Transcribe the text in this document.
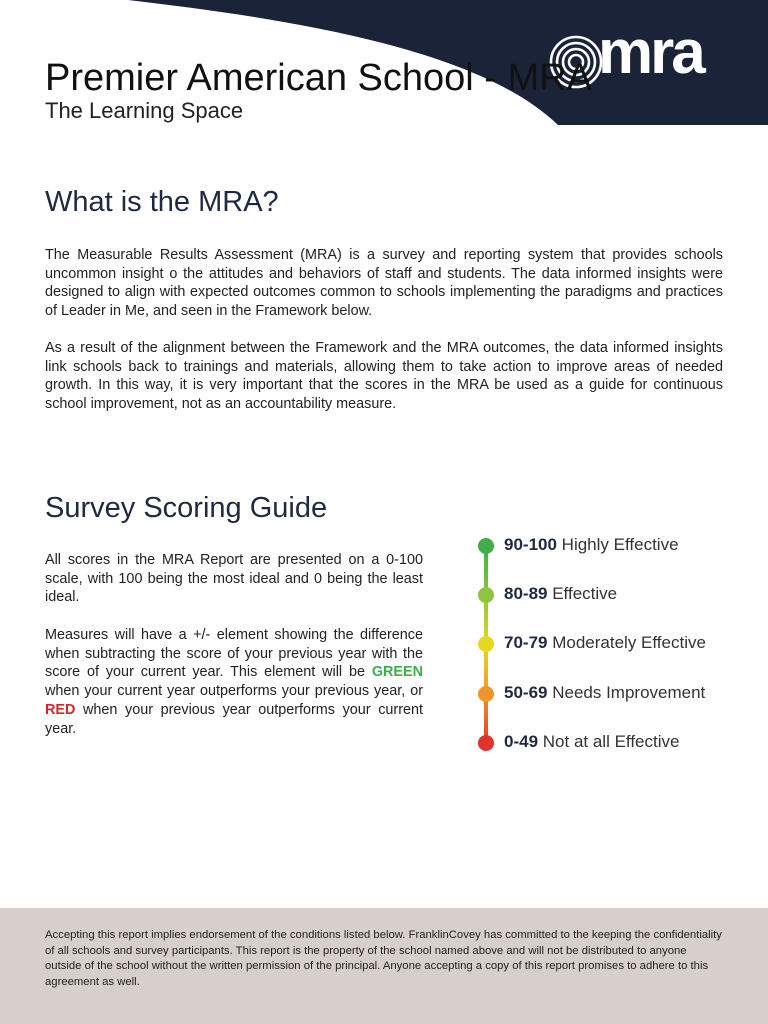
mra
Premier American School - MRA
The Learning Space
What is the MRA?

The Measurable Results Assessment (MRA) is a survey and reporting system that provides schools uncommon insight o the attitudes and behaviors of staff and students. The data informed insights were designed to align with expected outcomes common to schools implementing the paradigms and practices of Leader in Me, and seen in the Framework below.

As a result of the alignment between the Framework and the MRA outcomes, the data informed insights link schools back to trainings and materials, allowing them to take action to improve areas of needed growth. In this way, it is very important that the scores in the MRA be used as a guide for continuous school improvement, not as an accountability measure.

Survey Scoring Guide

All scores in the MRA Report are presented on a 0-100 scale, with 100 being the most ideal and 0 being the least ideal.

Measures will have a +/- element showing the difference when subtracting the score of your previous year with the score of your current year. This element will be GREEN when your current year outperforms your previous year, or RED when your previous year outperforms your current year.

90-100 Highly Effective
80-89 Effective
70-79 Moderately Effective
50-69 Needs Improvement
0-49 Not at all Effective

Accepting this report implies endorsement of the conditions listed below. FranklinCovey has committed to the keeping the confidentiality of all schools and survey participants. This report is the property of the school named above and will not be distributed to anyone outside of the school without the written permission of the principal. Anyone accepting a copy of this report promises to adhere to this agreement as well.
